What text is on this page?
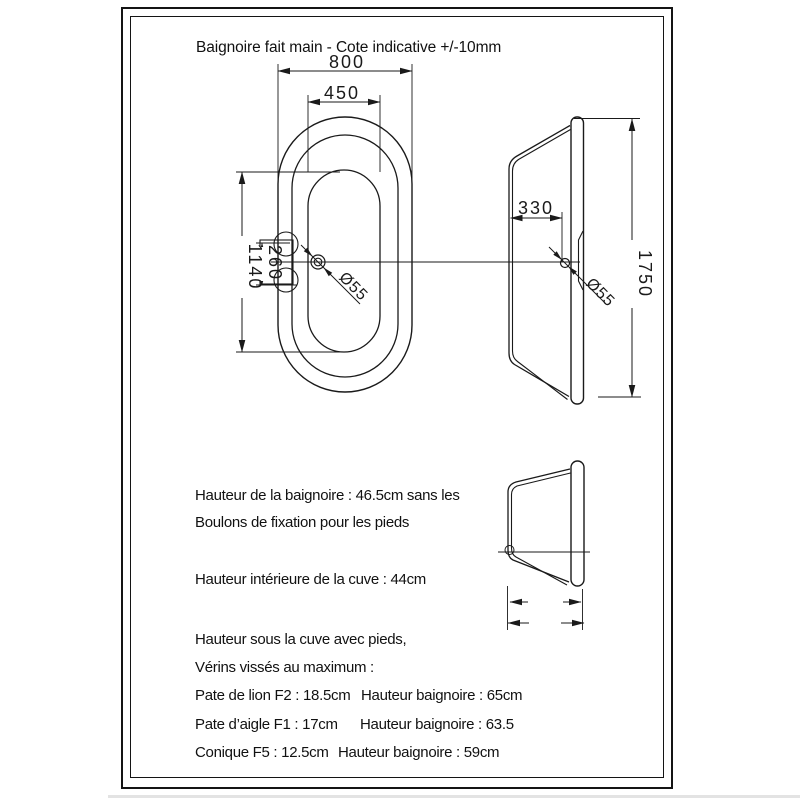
Baignoire fait main - Cote indicative +/-10mm
800
450
1140 260
Ø55
330
1750
Ø55
Hauteur de la baignoire : 46.5cm sans les
Boulons de fixation pour les pieds
Hauteur intérieure de la cuve : 44cm
Hauteur sous la cuve avec pieds,
Vérins vissés au maximum :
Pate de lion F2 : 18.5cm Hauteur baignoire : 65cm
Pate d’aigle F1 : 17cm Hauteur baignoire : 63.5
Conique F5 : 12.5cm Hauteur baignoire : 59cm
